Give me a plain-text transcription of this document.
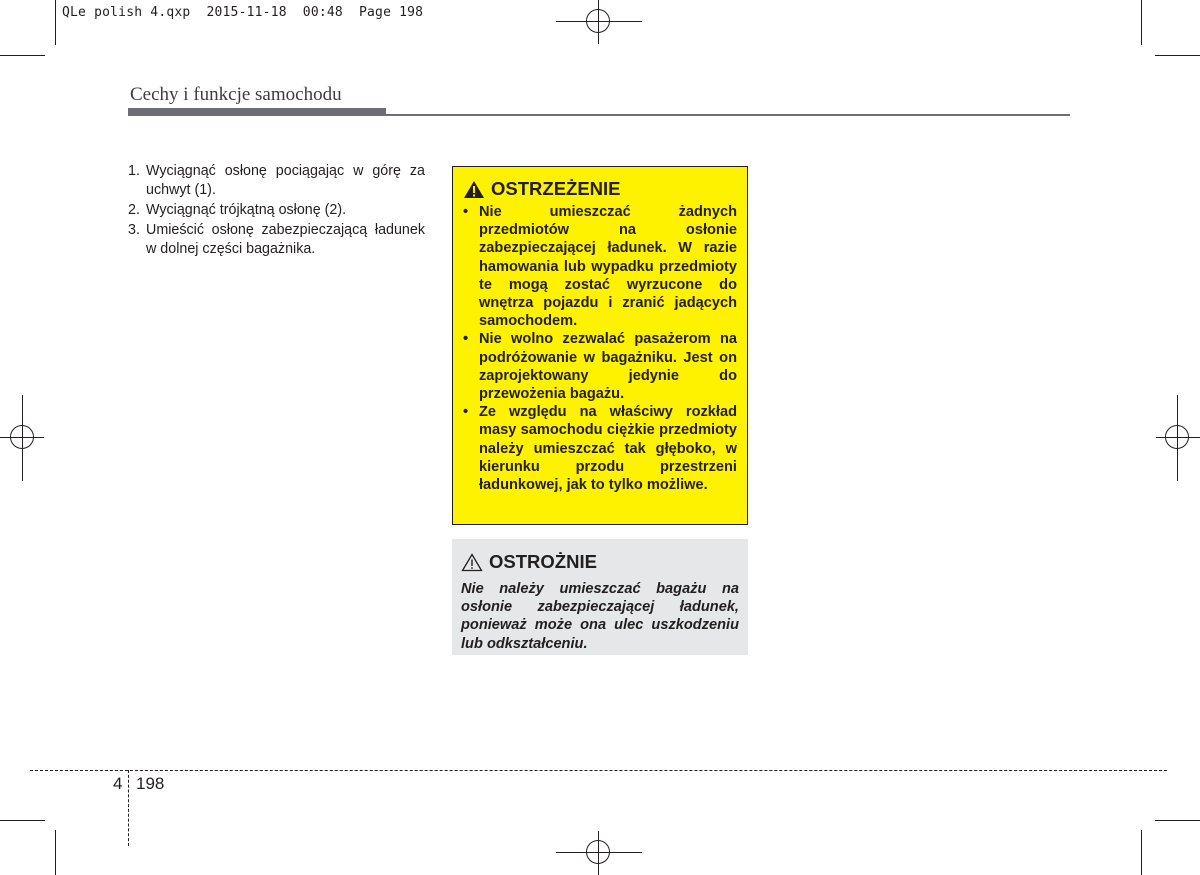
QLe polish 4.qxp  2015-11-18  00:48  Page 198
Cechy i funkcje samochodu
1. Wyciągnąć osłonę pociągając w górę za uchwyt (1).
2. Wyciągnąć trójkątną osłonę (2).
3. Umieścić osłonę zabezpieczającą ładunek w dolnej części bagażnika.
OSTRZEŻENIE
• Nie umieszczać żadnych przedmiotów na osłonie zabezpieczającej ładunek. W razie hamowania lub wypadku przedmioty te mogą zostać wyrzucone do wnętrza pojazdu i zranić jadących samochodem.
• Nie wolno zezwalać pasażerom na podróżowanie w bagażniku. Jest on zaprojektowany jedynie do przewożenia bagażu.
• Ze względu na właściwy rozkład masy samochodu ciężkie przedmioty należy umieszczać tak głęboko, w kierunku przodu przestrzeni ładunkowej, jak to tylko możliwe.
OSTROŻNIE
Nie należy umieszczać bagażu na osłonie zabezpieczającej ładunek, ponieważ może ona ulec uszkodzeniu lub odkształceniu.
4 198
